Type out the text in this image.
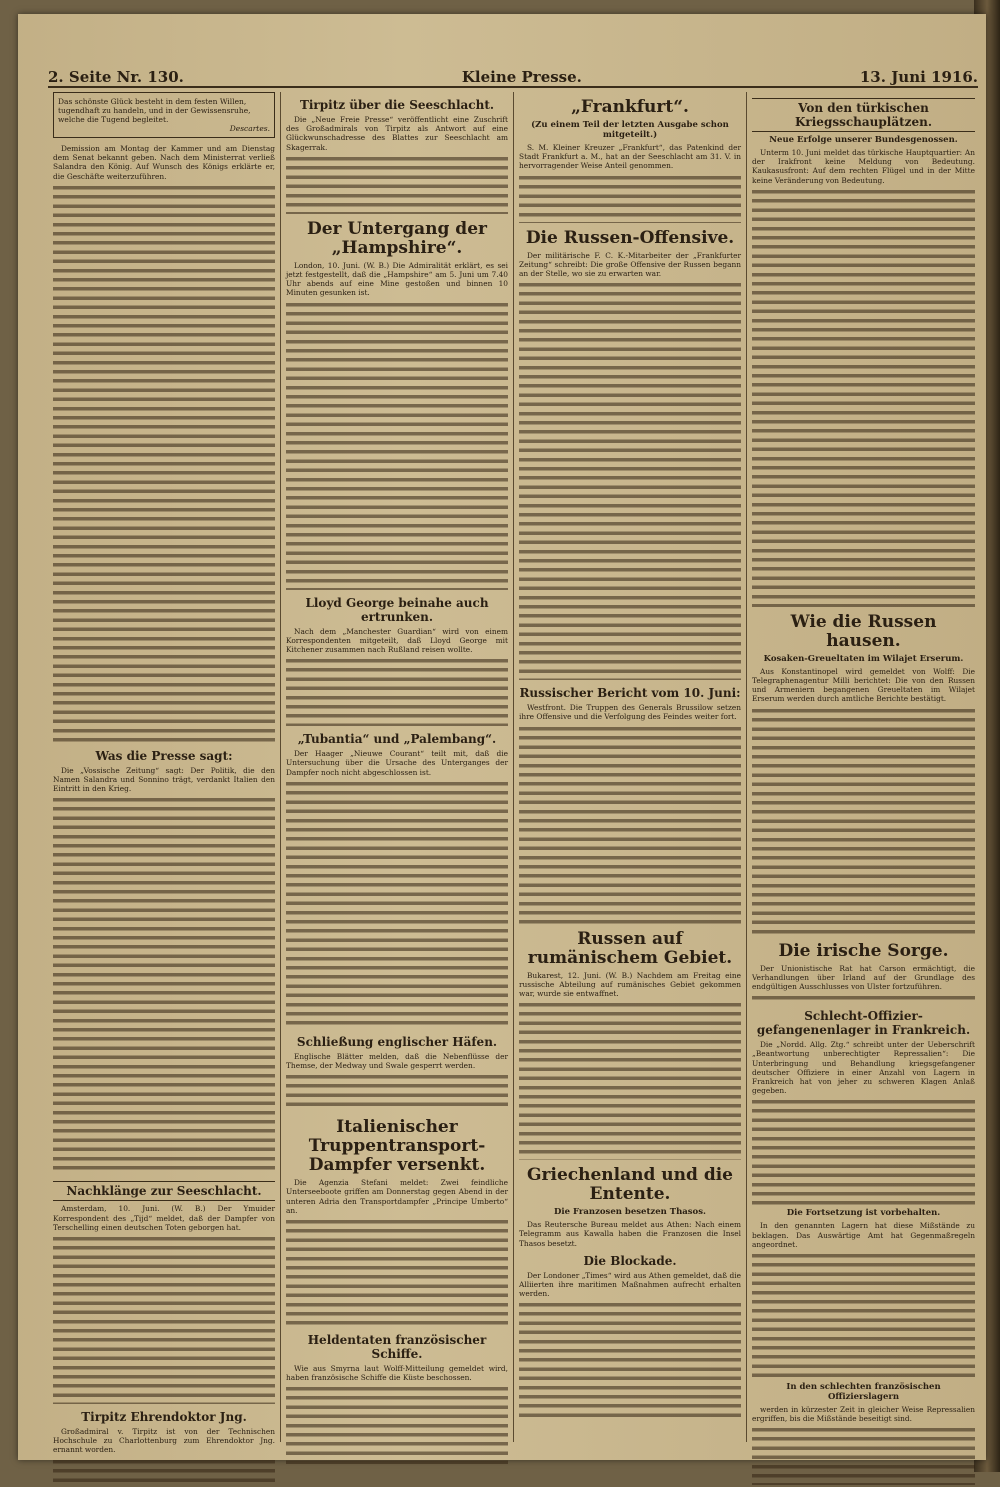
2. Seite Nr. 130.	Kleine Presse.	13. Juni 1916.
Das schönste Glück besteht in dem festen Willen, tugendhaft zu handeln, und in der Gewissensruhe, welche die Tugend begleitet.
Descartes.

Demission am Montag der Kammer und am Dienstag dem Senat bekannt geben. Nach dem Ministerrat verließ Salandra den König. Auf Wunsch des Königs erklärte er, die Geschäfte weiterzuführen.

Was die Presse sagt:

Die „Vossische Zeitung“ sagt: Der Politik, die den Namen Salandra und Sonnino trägt, verdankt Italien den Eintritt in den Krieg.

Nachklänge zur Seeschlacht.

Amsterdam, 10. Juni. (W. B.) Der Ymuider Korrespondent des „Tijd“ meldet, daß der Dampfer von Terschelling einen deutschen Toten geborgen hat.

Tirpitz Ehrendoktor Jng.

Großadmiral v. Tirpitz ist von der Technischen Hochschule zu Charlottenburg zum Ehrendoktor Jng. ernannt worden.

Tirpitz über die Seeschlacht.

Die „Neue Freie Presse“ veröffentlicht eine Zuschrift des Großadmirals von Tirpitz als Antwort auf eine Glückwunschadresse des Blattes zur Seeschlacht am Skagerrak.

Der Untergang der „Hampshire“.

London, 10. Juni. (W. B.) Die Admiralität erklärt, es sei jetzt festgestellt, daß die „Hampshire“ am 5. Juni um 7.40 Uhr abends auf eine Mine gestoßen und binnen 10 Minuten gesunken ist.

Lloyd George beinahe auch ertrunken.

Nach dem „Manchester Guardian“ wird von einem Korrespondenten mitgeteilt, daß Lloyd George mit Kitchener zusammen nach Rußland reisen wollte.

„Tubantia“ und „Palembang“.

Der Haager „Nieuwe Courant“ teilt mit, daß die Untersuchung über die Ursache des Unterganges der Dampfer noch nicht abgeschlossen ist.

Schließung englischer Häfen.

Englische Blätter melden, daß die Nebenflüsse der Themse, der Medway und Swale gesperrt werden.

Italienischer Truppentransport-Dampfer versenkt.

Die Agenzia Stefani meldet: Zwei feindliche Unterseeboote griffen am Donnerstag gegen Abend in der unteren Adria den Transportdampfer „Principe Umberto“ an.

Heldentaten französischer Schiffe.

Wie aus Smyrna laut Wolff-Mitteilung gemeldet wird, haben französische Schiffe die Küste beschossen.

„Frankfurt“.
(Zu einem Teil der letzten Ausgabe schon mitgeteilt.)

S. M. Kleiner Kreuzer „Frankfurt“, das Patenkind der Stadt Frankfurt a. M., hat an der Seeschlacht am 31. V. in hervorragender Weise Anteil genommen.

Die Russen-Offensive.

Der militärische F. C. K.-Mitarbeiter der „Frankfurter Zeitung“ schreibt: Die große Offensive der Russen begann an der Stelle, wo sie zu erwarten war.

Russischer Bericht vom 10. Juni:

Westfront. Die Truppen des Generals Brussilow setzen ihre Offensive und die Verfolgung des Feindes weiter fort.

Russen auf rumänischem Gebiet.

Bukarest, 12. Juni. (W. B.) Nachdem am Freitag eine russische Abteilung auf rumänisches Gebiet gekommen war, wurde sie entwaffnet.

Griechenland und die Entente.
Die Franzosen besetzen Thasos.

Das Reutersche Bureau meldet aus Athen: Nach einem Telegramm aus Kawalla haben die Franzosen die Insel Thasos besetzt.

Die Blockade.

Der Londoner „Times“ wird aus Athen gemeldet, daß die Alliierten ihre maritimen Maßnahmen aufrecht erhalten werden.

Von den türkischen Kriegsschauplätzen.
Neue Erfolge unserer Bundesgenossen.

Unterm 10. Juni meldet das türkische Hauptquartier: An der Irakfront keine Meldung von Bedeutung. Kaukasusfront: Auf dem rechten Flügel und in der Mitte keine Veränderung von Bedeutung.

Wie die Russen hausen.
Kosaken-Greueltaten im Wilajet Erserum.

Aus Konstantinopel wird gemeldet von Wolff: Die Telegraphenagentur Milli berichtet: Die von den Russen und Armeniern begangenen Greueltaten im Wilajet Erserum werden durch amtliche Berichte bestätigt.

Die irische Sorge.

Der Unionistische Rat hat Carson ermächtigt, die Verhandlungen über Irland auf der Grundlage des endgültigen Ausschlusses von Ulster fortzuführen.

Schlecht-Offizier-gefangenenlager in Frankreich.

Die „Nordd. Allg. Ztg.“ schreibt unter der Ueberschrift „Beantwortung unberechtigter Repressalien“: Die Unterbringung und Behandlung kriegsgefangener deutscher Offiziere in einer Anzahl von Lagern in Frankreich hat von jeher zu schweren Klagen Anlaß gegeben.

Die Fortsetzung ist vorbehalten.

In den genannten Lagern hat diese Mißstände zu beklagen. Das Auswärtige Amt hat Gegenmaßregeln angeordnet.

In den schlechten französischen Offizierslagern

werden in kürzester Zeit in gleicher Weise Repressalien ergriffen, bis die Mißstände beseitigt sind.
